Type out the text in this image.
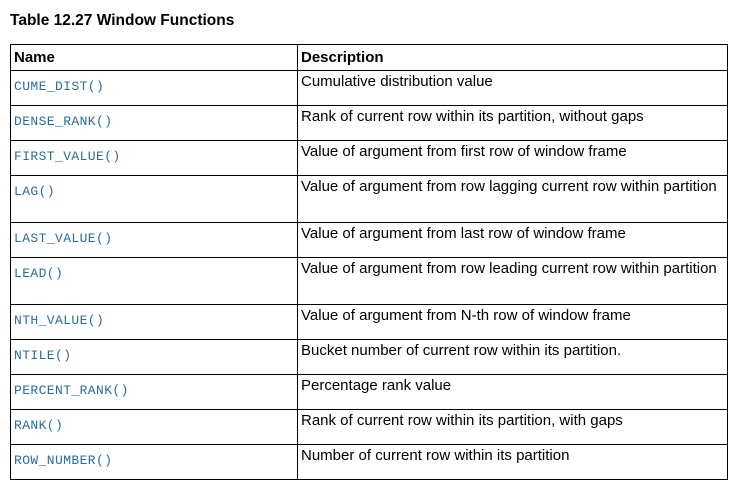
Table 12.27 Window Functions
Name	Description
CUME_DIST()	Cumulative distribution value
DENSE_RANK()	Rank of current row within its partition, without gaps
FIRST_VALUE()	Value of argument from first row of window frame
LAG()	Value of argument from row lagging current row within partition
LAST_VALUE()	Value of argument from last row of window frame
LEAD()	Value of argument from row leading current row within partition
NTH_VALUE()	Value of argument from N-th row of window frame
NTILE()	Bucket number of current row within its partition.
PERCENT_RANK()	Percentage rank value
RANK()	Rank of current row within its partition, with gaps
ROW_NUMBER()	Number of current row within its partition
